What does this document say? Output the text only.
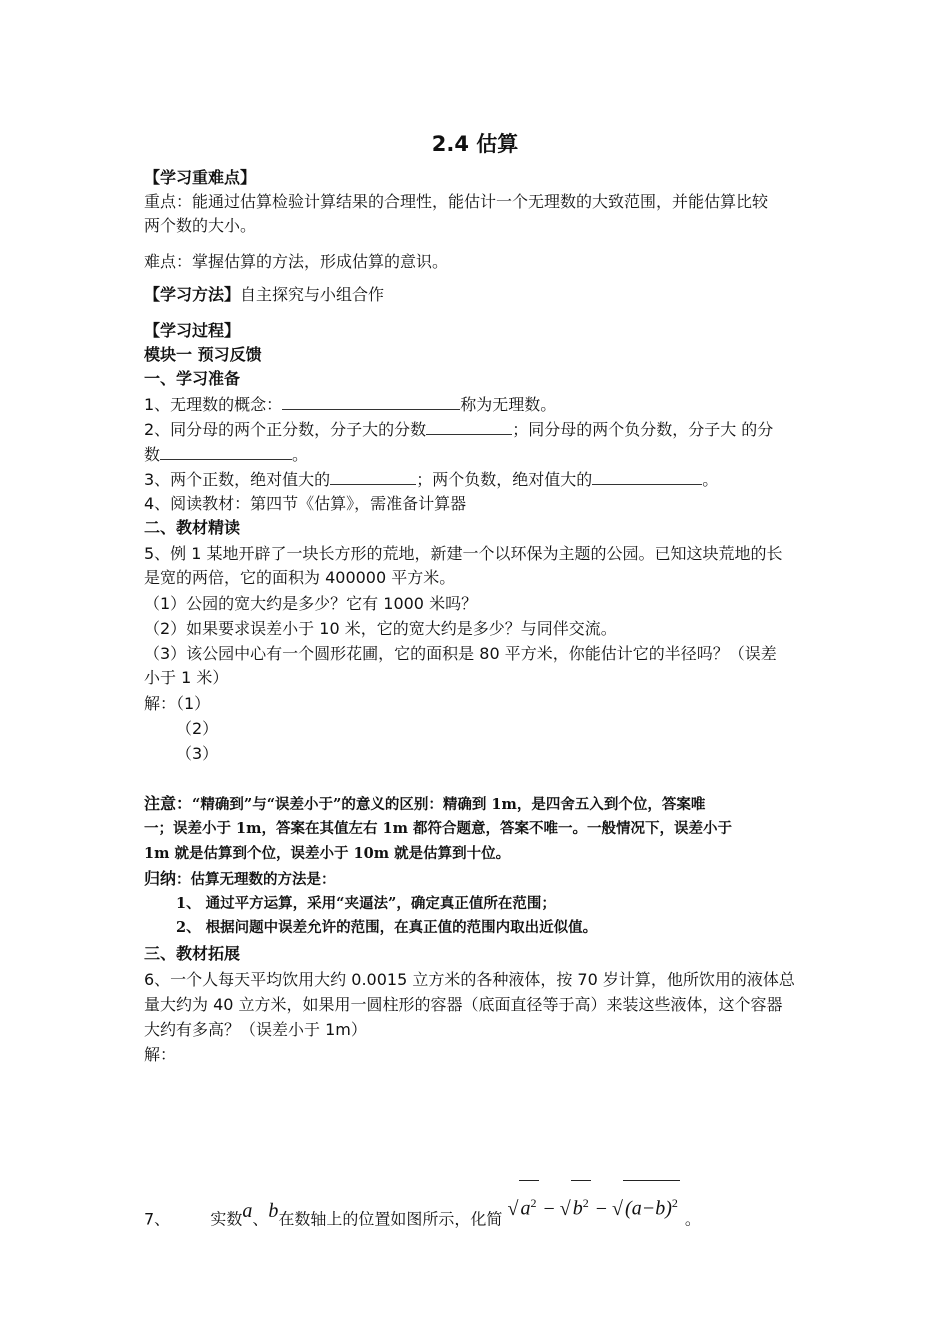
2.4 估算
【学习重难点】
重点：能通过估算检验计算结果的合理性，能估计一个无理数的大致范围，并能估算比较
两个数的大小。
难点：掌握估算的方法，形成估算的意识。
【学习方法】自主探究与小组合作
【学习过程】
模块一 预习反馈
一、学习准备
1、无理数的概念：	称为无理数。
2、同分母的两个正分数，分子大的分数	；同分母的两个负分数，分子大 的分
数	。
3、两个正数，绝对值大的	；两个负数，绝对值大的	。
4、阅读教材：第四节《估算》，需准备计算器
二、教材精读
5、例 1 某地开辟了一块长方形的荒地，新建一个以环保为主题的公园。已知这块荒地的长
是宽的两倍，它的面积为 400000 平方米。
（1）公园的宽大约是多少？它有 1000 米吗？
（2）如果要求误差小于 10 米，它的宽大约是多少？与同伴交流。
（3）该公园中心有一个圆形花圃，它的面积是 80 平方米，你能估计它的半径吗？（误差
小于 1 米）
解：（1）
（2）
（3）
注意：“精确到”与“误差小于”的意义的区别：精确到 1m，是四舍五入到个位，答案唯
一；误差小于 1m，答案在其值左右 1m 都符合题意，答案不唯一。一般情况下，误差小于
1m 就是估算到个位，误差小于 10m 就是估算到十位。
归纳：估算无理数的方法是：
1、 通过平方运算，采用“夹逼法”，确定真正值所在范围；
2、 根据问题中误差允许的范围，在真正值的范围内取出近似值。
三、教材拓展
6、一个人每天平均饮用大约 0.0015 立方米的各种液体，按 70 岁计算，他所饮用的液体总
量大约为 40 立方米，如果用一圆柱形的容器（底面直径等于高）来装这些液体，这个容器
大约有多高？（误差小于 1m）
解：
7、	实数a、b在数轴上的位置如图所示，化简 √ $a^2$ − √ $b^2$ − √ $(a-b)^2$ 。
